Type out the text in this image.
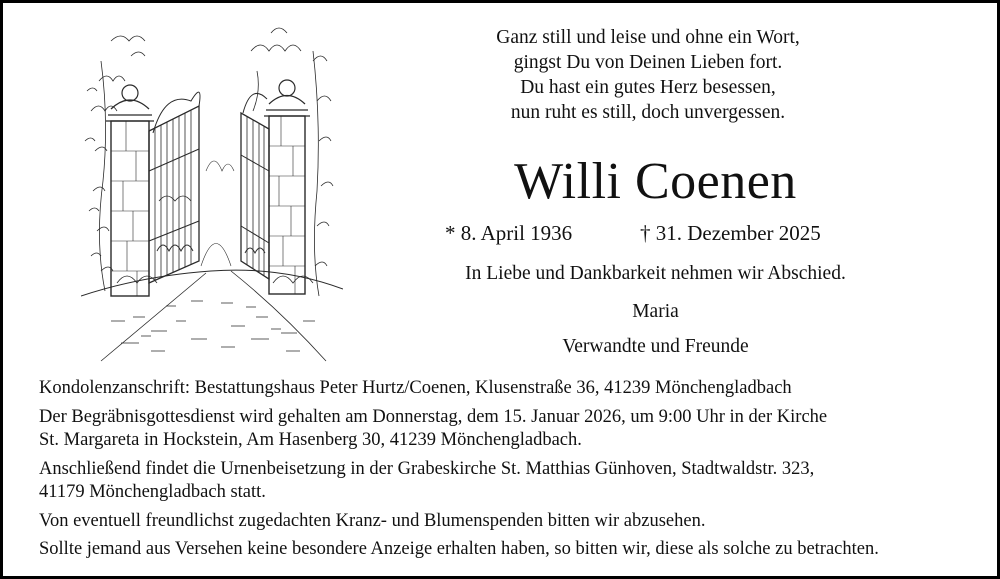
Ganz still und leise und ohne ein Wort,
gingst Du von Deinen Lieben fort.
Du hast ein gutes Herz besessen,
nun ruht es still, doch unvergessen.
Willi Coenen
* 8. April 1936	† 31. Dezember 2025
In Liebe und Dankbarkeit nehmen wir Abschied.
Maria
Verwandte und Freunde

Kondolenzanschrift: Bestattungshaus Peter Hurtz/Coenen, Klusenstraße 36, 41239 Mönchengladbach

Der Begräbnisgottesdienst wird gehalten am Donnerstag, dem 15. Januar 2026, um 9:00 Uhr in der Kirche
St. Margareta in Hockstein, Am Hasenberg 30, 41239 Mönchengladbach.

Anschließend findet die Urnenbeisetzung in der Grabeskirche St. Matthias Günhoven, Stadtwaldstr. 323,
41179 Mönchengladbach statt.

Von eventuell freundlichst zugedachten Kranz- und Blumenspenden bitten wir abzusehen.

Sollte jemand aus Versehen keine besondere Anzeige erhalten haben, so bitten wir, diese als solche zu betrachten.
